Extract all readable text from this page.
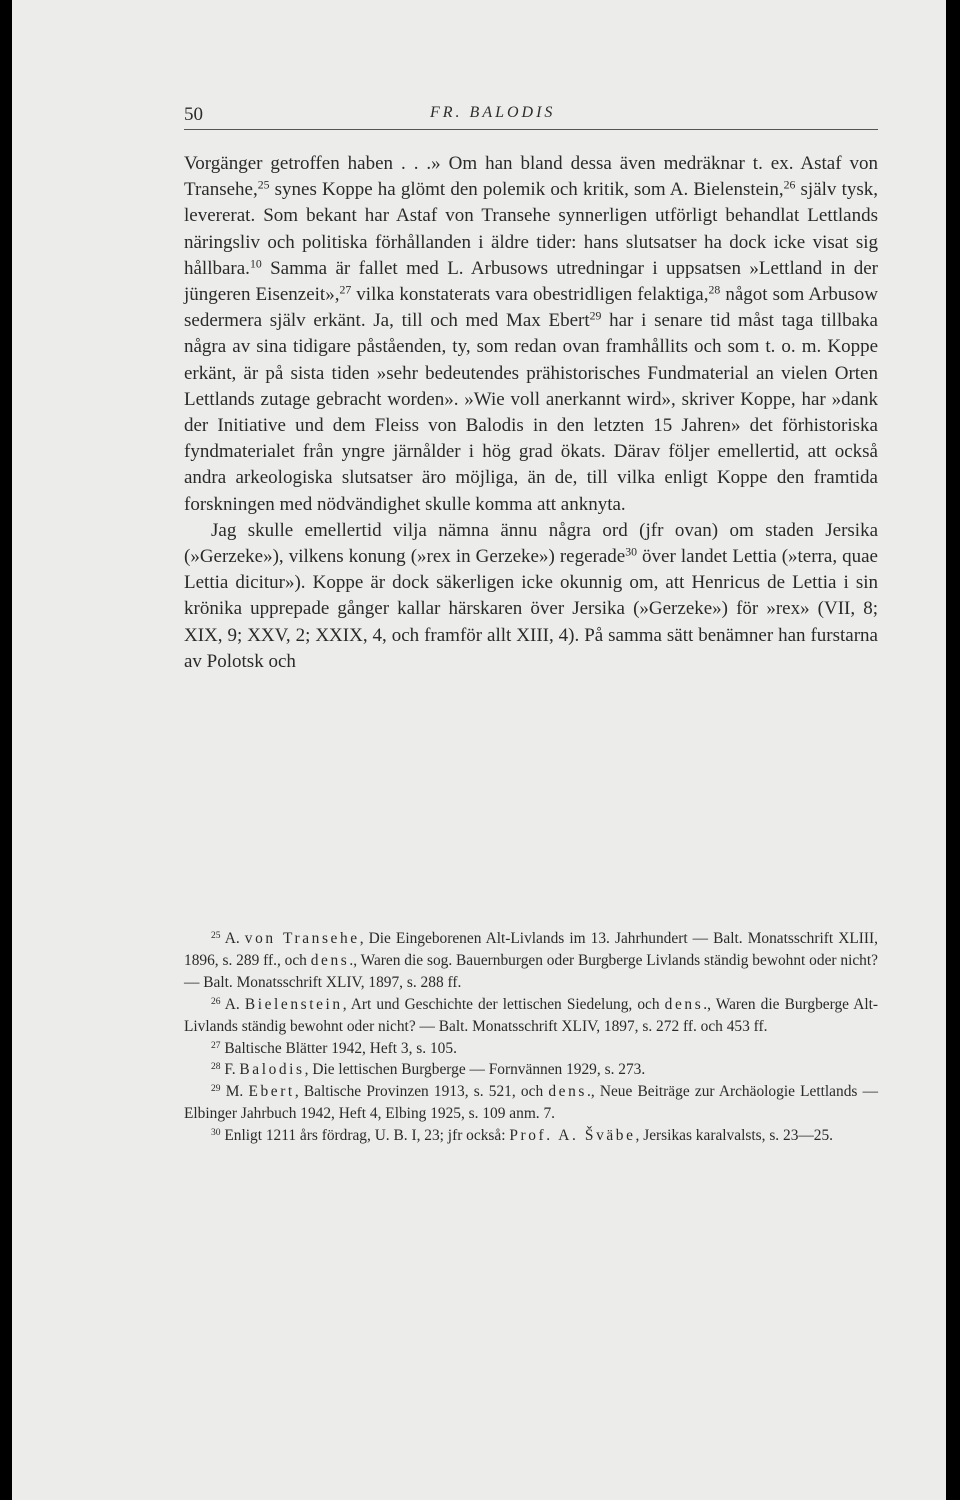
50	FR. BALODIS

Vorgänger getroffen haben . . .» Om han bland dessa även medräknar t. ex. Astaf von Transehe,$^{25}$ synes Koppe ha glömt den polemik och kritik, som A. Bielenstein,$^{26}$ själv tysk, levererat. Som bekant har Astaf von Transehe synnerligen utförligt behandlat Lettlands näringsliv och politiska förhållanden i äldre tider: hans slutsatser ha dock icke visat sig hållbara.$^{10}$ Samma är fallet med L. Arbusows utredningar i uppsatsen »Lettland in der jüngeren Eisenzeit»,$^{27}$ vilka konstaterats vara obestridligen felaktiga,$^{28}$ något som Arbusow sedermera själv erkänt. Ja, till och med Max Ebert$^{29}$ har i senare tid måst taga tillbaka några av sina tidigare påståenden, ty, som redan ovan framhållits och som t. o. m. Koppe erkänt, är på sista tiden »sehr bedeutendes prähistorisches Fundmaterial an vielen Orten Lettlands zutage gebracht worden». »Wie voll anerkannt wird», skriver Koppe, har »dank der Initiative und dem Fleiss von Balodis in den letzten 15 Jahren» det förhistoriska fyndmaterialet från yngre järnålder i hög grad ökats. Därav följer emellertid, att också andra arkeologiska slutsatser äro möjliga, än de, till vilka enligt Koppe den framtida forskningen med nödvändighet skulle komma att anknyta.

Jag skulle emellertid vilja nämna ännu några ord (jfr ovan) om staden Jersika (»Gerzeke»), vilkens konung (»rex in Gerzeke») regerade$^{30}$ över landet Lettia (»terra, quae Lettia dicitur»). Koppe är dock säkerligen icke okunnig om, att Henricus de Lettia i sin krönika upprepade gånger kallar härskaren över Jersika (»Gerzeke») för »rex» (VII, 8; XIX, 9; XXV, 2; XXIX, 4, och framför allt XIII, 4). På samma sätt benämner han furstarna av Polotsk och

$^{25}$ A. von Transehe, Die Eingeborenen Alt-Livlands im 13. Jahrhundert — Balt. Monatsschrift XLIII, 1896, s. 289 ff., och dens., Waren die sog. Bauernburgen oder Burgberge Livlands ständig bewohnt oder nicht? — Balt. Monatsschrift XLIV, 1897, s. 288 ff.

$^{26}$ A. Bielenstein, Art und Geschichte der lettischen Siedelung, och dens., Waren die Burgberge Alt-Livlands ständig bewohnt oder nicht? — Balt. Monatsschrift XLIV, 1897, s. 272 ff. och 453 ff.

$^{27}$ Baltische Blätter 1942, Heft 3, s. 105.

$^{28}$ F. Balodis, Die lettischen Burgberge — Fornvännen 1929, s. 273.

$^{29}$ M. Ebert, Baltische Provinzen 1913, s. 521, och dens., Neue Beiträge zur Archäologie Lettlands — Elbinger Jahrbuch 1942, Heft 4, Elbing 1925, s. 109 anm. 7.

$^{30}$ Enligt 1211 års fördrag, U. B. I, 23; jfr också: Prof. A. Šväbe, Jersikas karalvalsts, s. 23—25.
